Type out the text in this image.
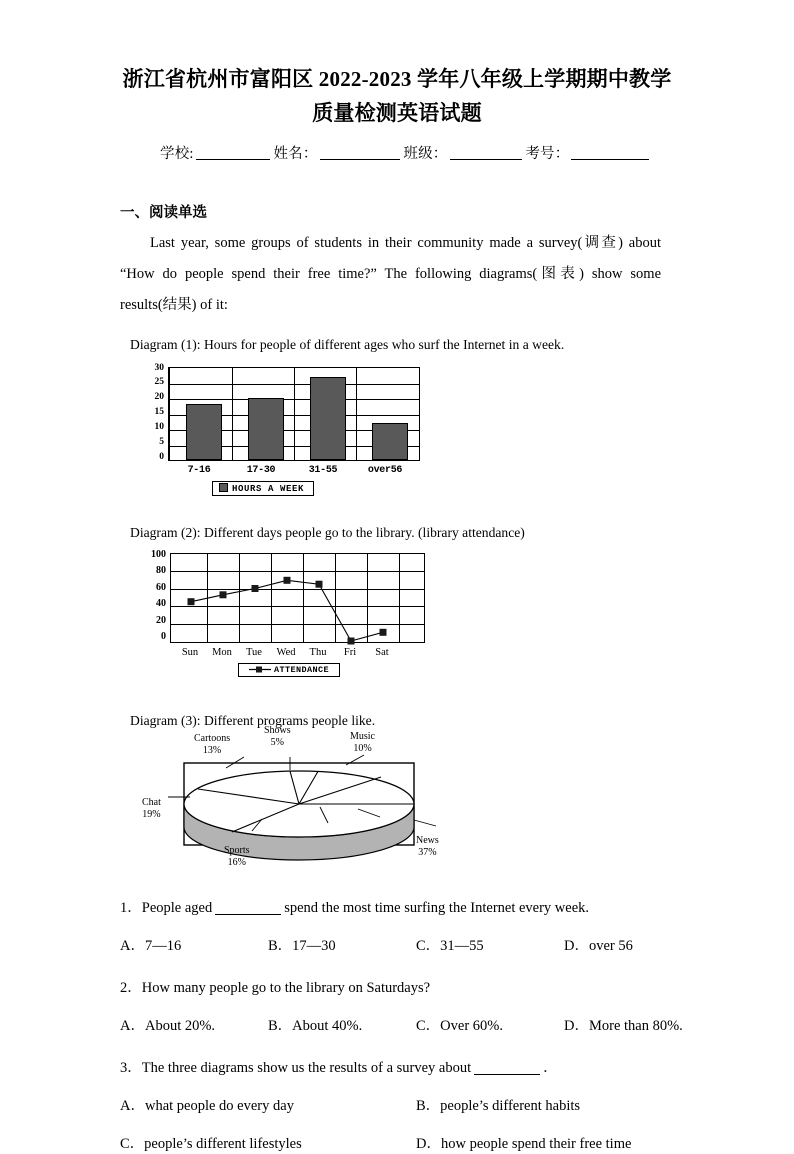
浙江省杭州市富阳区 2022-2023 学年八年级上学期期中教学
质量检测英语试题
学校:	姓名：	班级：	考号：
一、阅读单选
Last year, some groups of students in their community made a survey(调查) about “How do people spend their free time?” The following diagrams(图表) show some results(结果) of it:
Diagram (1): Hours for people of different ages who surf the Internet in a week.
30
25
20
15
10
5
0
7-16	17-30	31-55	over56
HOURS A WEEK
Diagram (2): Different days people go to the library. (library attendance)
100
80
60
40
20
0
Sun	Mon	Tue	Wed	Thu	Fri	Sat
ATTENDANCE
Diagram (3): Different programs people like.
Cartoons
13%
Shows
5%
Music
10%
Chat
19%
Sports
16%
News
37%
1．People aged	spend the most time surfing the Internet every week.
A．7—16	B．17—30	C．31—55	D．over 56
2．How many people go to the library on Saturdays?
A．About 20%.	B．About 40%.	C．Over 60%.	D．More than 80%.
3．The three diagrams show us the results of a survey about	．
A．what people do every day	B．people’s different habits
C．people’s different lifestyles	D．how people spend their free time
